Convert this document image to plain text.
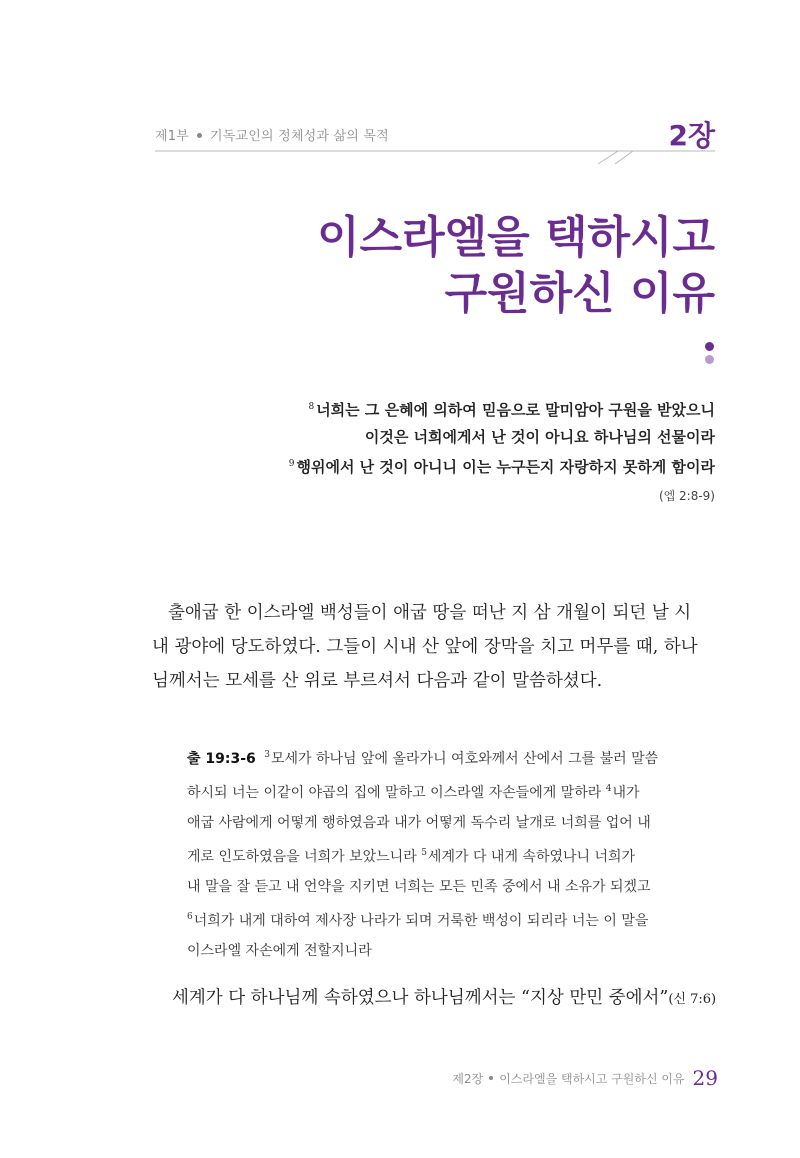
제1부 기독교인의 정체성과 삶의 목적	2장
이스라엘을 택하시고
구원하신 이유
$^8$ 너희는 그 은혜에 의하여 믿음으로 말미암아 구원을 받았으니
이것은 너희에게서 난 것이 아니요 하나님의 선물이라
$^9$ 행위에서 난 것이 아니니 이는 누구든지 자랑하지 못하게 함이라
(엡 2:8-9)
출애굽 한 이스라엘 백성들이 애굽 땅을 떠난 지 삼 개월이 되던 날 시
내 광야에 당도하였다. 그들이 시내 산 앞에 장막을 치고 머무를 때, 하나
님께서는 모세를 산 위로 부르셔서 다음과 같이 말씀하셨다.
출 19:3-6 $^3$모세가 하나님 앞에 올라가니 여호와께서 산에서 그를 불러 말씀
하시되 너는 이같이 야곱의 집에 말하고 이스라엘 자손들에게 말하라 $^4$내가
애굽 사람에게 어떻게 행하였음과 내가 어떻게 독수리 날개로 너희를 업어 내
게로 인도하였음을 너희가 보았느니라 $^5$세계가 다 내게 속하였나니 너희가
내 말을 잘 듣고 내 언약을 지키면 너희는 모든 민족 중에서 내 소유가 되겠고
$^6$너희가 내게 대하여 제사장 나라가 되며 거룩한 백성이 되리라 너는 이 말을
이스라엘 자손에게 전할지니라
세계가 다 하나님께 속하였으나 하나님께서는 “지상 만민 중에서”(신 7:6)
제2장 이스라엘을 택하시고 구원하신 이유 29
